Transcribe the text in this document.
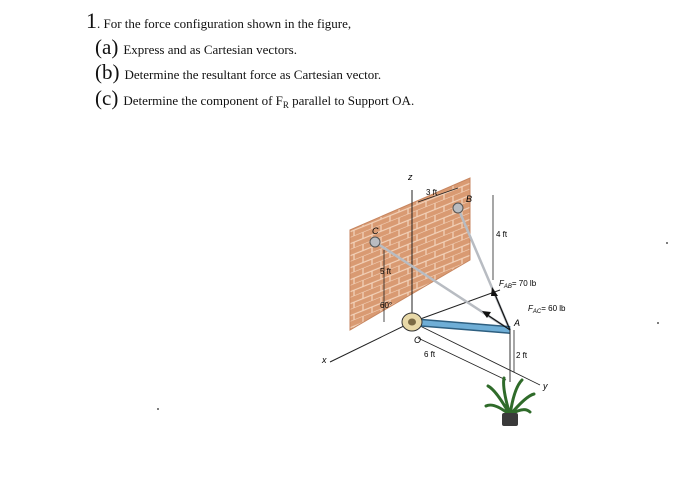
1. For the force configuration shown in the figure,
(a) Express and as Cartesian vectors.
(b) Determine the resultant force as Cartesian vector.
(c) Determine the component of $F_R$ parallel to Support OA.
z
x
y
C
B
O
A
3 ft
4 ft
5 ft
6 ft	2 ft
60°
$F_{AB}= 70$ lb
$F_{AC}= 60$ lb
